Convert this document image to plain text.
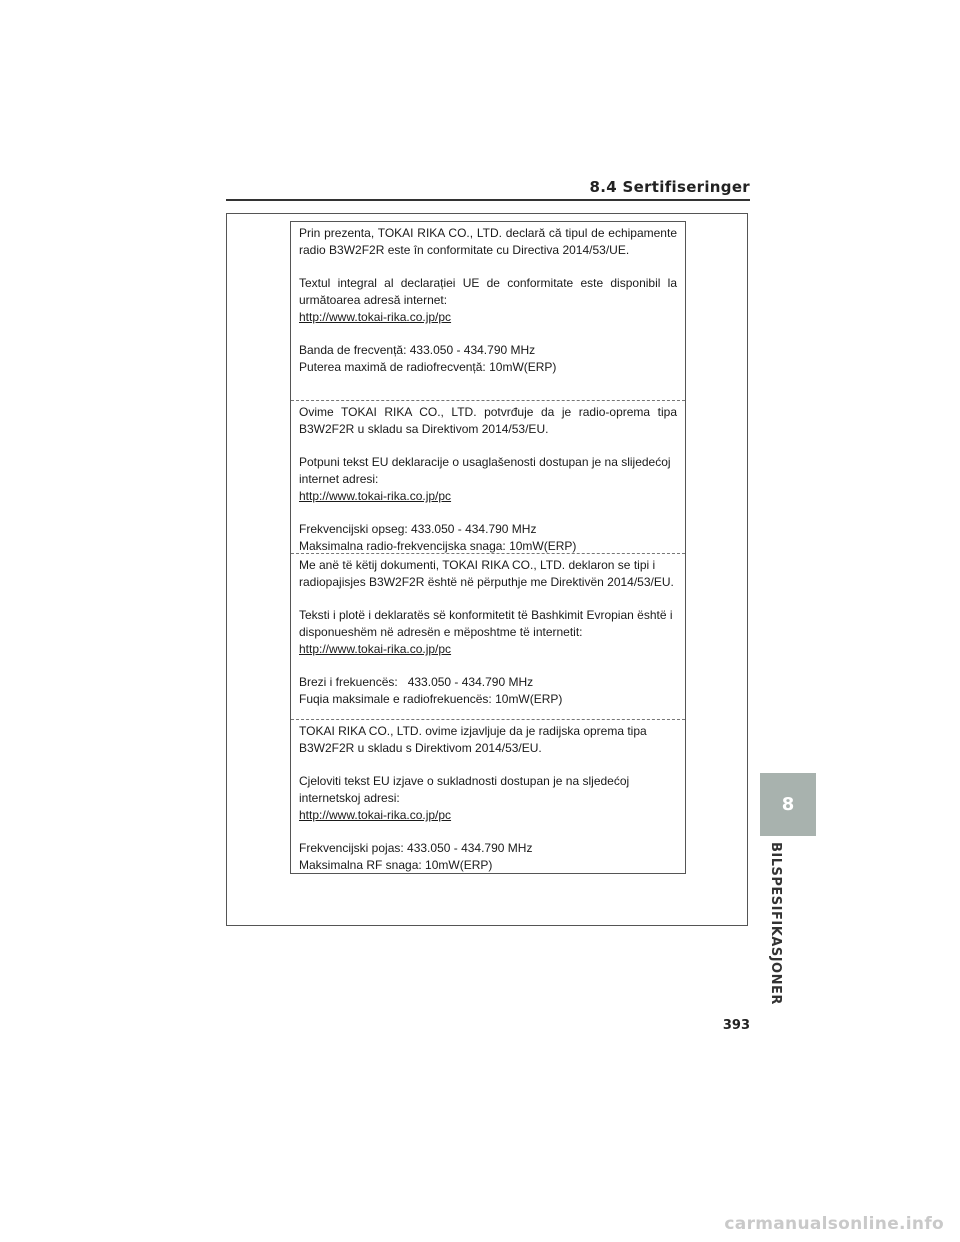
8.4 Sertifiseringer

Prin prezenta, TOKAI RIKA CO., LTD. declară că tipul de echipamente radio B3W2F2R este în conformitate cu Directiva 2014/53/UE.

Textul integral al declarației UE de conformitate este disponibil la următoarea adresă internet:

http://www.tokai-rika.co.jp/pc

Banda de frecvență: 433.050 - 434.790 MHz

Puterea maximă de radiofrecvență: 10mW(ERP)

Ovime TOKAI RIKA CO., LTD. potvrđuje da je radio-oprema tipa B3W2F2R u skladu sa Direktivom 2014/53/EU.

Potpuni tekst EU deklaracije o usaglašenosti dostupan je na slijedećoj internet adresi:

http://www.tokai-rika.co.jp/pc

Frekvencijski opseg: 433.050 - 434.790 MHz

Maksimalna radio-frekvencijska snaga: 10mW(ERP)

Me anë të këtij dokumenti, TOKAI RIKA CO., LTD. deklaron se tipi i radiopajisjes B3W2F2R është në përputhje me Direktivën 2014/53/EU.

Teksti i plotë i deklaratës së konformitetit të Bashkimit Evropian është i disponueshëm në adresën e mëposhtme të internetit:

http://www.tokai-rika.co.jp/pc

Brezi i frekuencës:   433.050 - 434.790 MHz

Fuqia maksimale e radiofrekuencës: 10mW(ERP)

TOKAI RIKA CO., LTD. ovime izjavljuje da je radijska oprema tipa B3W2F2R u skladu s Direktivom 2014/53/EU.

Cjeloviti tekst EU izjave o sukladnosti dostupan je na sljedećoj internetskoj adresi:

http://www.tokai-rika.co.jp/pc

Frekvencijski pojas: 433.050 - 434.790 MHz

Maksimalna RF snaga: 10mW(ERP)

8
BILSPESIFIKASJONER
393
carmanualsonline.info
